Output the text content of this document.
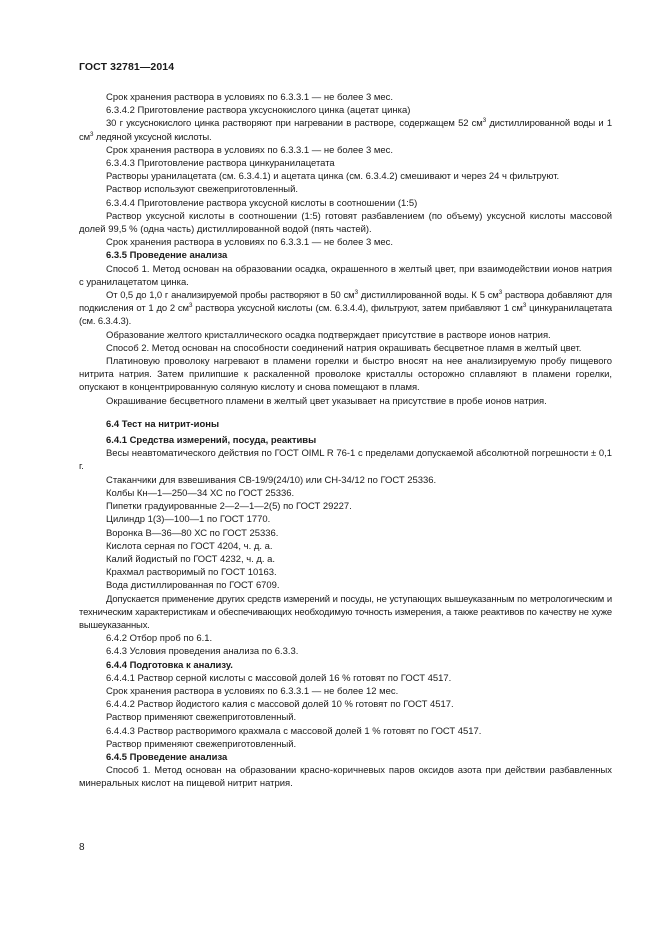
ГОСТ 32781—2014

Срок хранения раствора в условиях по 6.3.3.1 — не более 3 мес.

6.3.4.2 Приготовление раствора уксуснокислого цинка (ацетат цинка)

30 г уксуснокислого цинка растворяют при нагревании в растворе, содержащем 52 $см^3$ дистиллированной воды и 1 $см^3$ ледяной уксусной кислоты.

Срок хранения раствора в условиях по 6.3.3.1 — не более 3 мес.

6.3.4.3 Приготовление раствора цинкуранилацетата

Растворы уранилацетата (см. 6.3.4.1) и ацетата цинка (см. 6.3.4.2) смешивают и через 24 ч фильтруют.

Раствор используют свежеприготовленный.

6.3.4.4 Приготовление раствора уксусной кислоты в соотношении (1:5)

Раствор уксусной кислоты в соотношении (1:5) готовят разбавлением (по объему) уксусной кислоты массовой долей 99,5 % (одна часть) дистиллированной водой (пять частей).

Срок хранения раствора в условиях по 6.3.3.1 — не более 3 мес.

6.3.5 Проведение анализа

Способ 1. Метод основан на образовании осадка, окрашенного в желтый цвет, при взаимодействии ионов натрия с уранилацетатом цинка.

От 0,5 до 1,0 г анализируемой пробы растворяют в 50 $см^3$ дистиллированной воды. К 5 $см^3$ раствора добавляют для подкисления от 1 до 2 $см^3$ раствора уксусной кислоты (см. 6.3.4.4), фильтруют, затем прибавляют 1 $см^3$ цинкуранилацетата (см. 6.3.4.3).

Образование желтого кристаллического осадка подтверждает присутствие в растворе ионов натрия.

Способ 2. Метод основан на способности соединений натрия окрашивать бесцветное пламя в желтый цвет.

Платиновую проволоку нагревают в пламени горелки и быстро вносят на нее анализируемую пробу пищевого нитрита натрия. Затем прилипшие к раскаленной проволоке кристаллы осторожно сплавляют в пламени горелки, опускают в концентрированную соляную кислоту и снова помещают в пламя.

Окрашивание бесцветного пламени в желтый цвет указывает на присутствие в пробе ионов натрия.

6.4 Тест на нитрит-ионы

6.4.1 Средства измерений, посуда, реактивы

Весы неавтоматического действия по ГОСТ OIML R 76-1 с пределами допускаемой абсолютной погрешности ± 0,1 г.

Стаканчики для взвешивания СВ-19/9(24/10) или СН-34/12 по ГОСТ 25336.

Колбы Кн—1—250—34 ХС по ГОСТ 25336.

Пипетки градуированные 2—2—1—2(5) по ГОСТ 29227.

Цилиндр 1(3)—100—1 по ГОСТ 1770.

Воронка В—36—80 ХС по ГОСТ 25336.

Кислота серная по ГОСТ 4204, ч. д. а.

Калий йодистый по ГОСТ 4232, ч. д. а.

Крахмал растворимый по ГОСТ 10163.

Вода дистиллированная по ГОСТ 6709.

Допускается применение других средств измерений и посуды, не уступающих вышеуказанным по метрологическим и техническим характеристикам и обеспечивающих необходимую точность измерения, а также реактивов по качеству не хуже вышеуказанных.

6.4.2 Отбор проб по 6.1.

6.4.3 Условия проведения анализа по 6.3.3.

6.4.4 Подготовка к анализу.

6.4.4.1 Раствор серной кислоты с массовой долей 16 % готовят по ГОСТ 4517.

Срок хранения раствора в условиях по 6.3.3.1 — не более 12 мес.

6.4.4.2 Раствор йодистого калия с массовой долей 10 % готовят по ГОСТ 4517.

Раствор применяют свежеприготовленный.

6.4.4.3 Раствор растворимого крахмала с массовой долей 1 % готовят по ГОСТ 4517.

Раствор применяют свежеприготовленный.

6.4.5 Проведение анализа

Способ 1. Метод основан на образовании красно-коричневых паров оксидов азота при действии разбавленных минеральных кислот на пищевой нитрит натрия.

8
